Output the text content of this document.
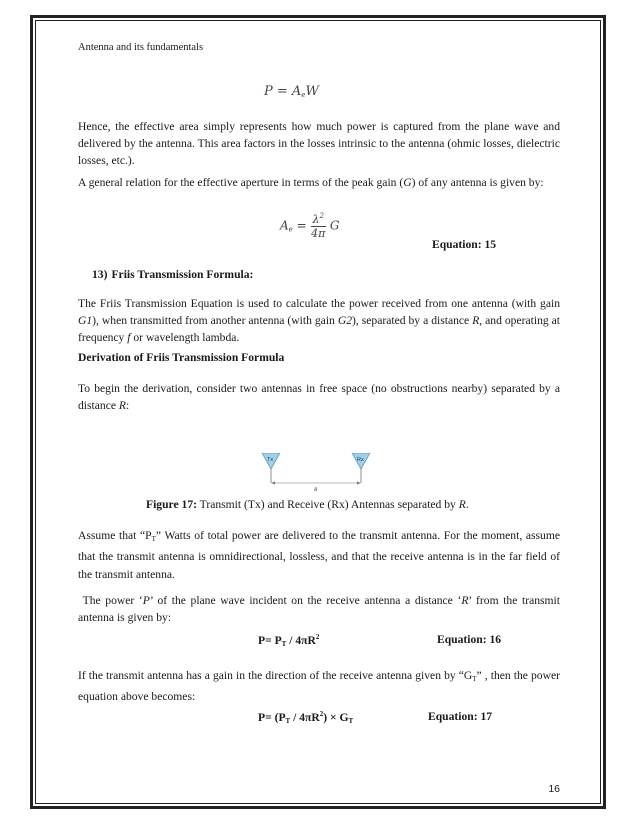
Antenna and its fundamentals
$P = A_eW$
Hence, the effective area simply represents how much power is captured from the plane wave and delivered by the antenna. This area factors in the losses intrinsic to the antenna (ohmic losses, dielectric losses, etc.).
A general relation for the effective aperture in terms of the peak gain (G) of any antenna is given by:
$A_e = \frac{\lambda^2}{4\pi}$ G
Equation: 15
13) Friis Transmission Formula:
The Friis Transmission Equation is used to calculate the power received from one antenna (with gain G1), when transmitted from another antenna (with gain G2), separated by a distance R, and operating at frequency f or wavelength lambda.
Derivation of Friis Transmission Formula
To begin the derivation, consider two antennas in free space (no obstructions nearby) separated by a distance R:
Tx	Rx
R
Figure 17: Transmit (Tx) and Receive (Rx) Antennas separated by R.
Assume that “$P_T$” Watts of total power are delivered to the transmit antenna. For the moment, assume that the transmit antenna is omnidirectional, lossless, and that the receive antenna is in the far field of the transmit antenna.
The power ‘P’ of the plane wave incident on the receive antenna a distance ‘R’ from the transmit antenna is given by:
$P= P_T / 4\pi R^2$	Equation: 16
If the transmit antenna has a gain in the direction of the receive antenna given by “$G_T$” , then the power equation above becomes:
$P= (P_T / 4\pi R^2) \times G_T$	Equation: 17
16
